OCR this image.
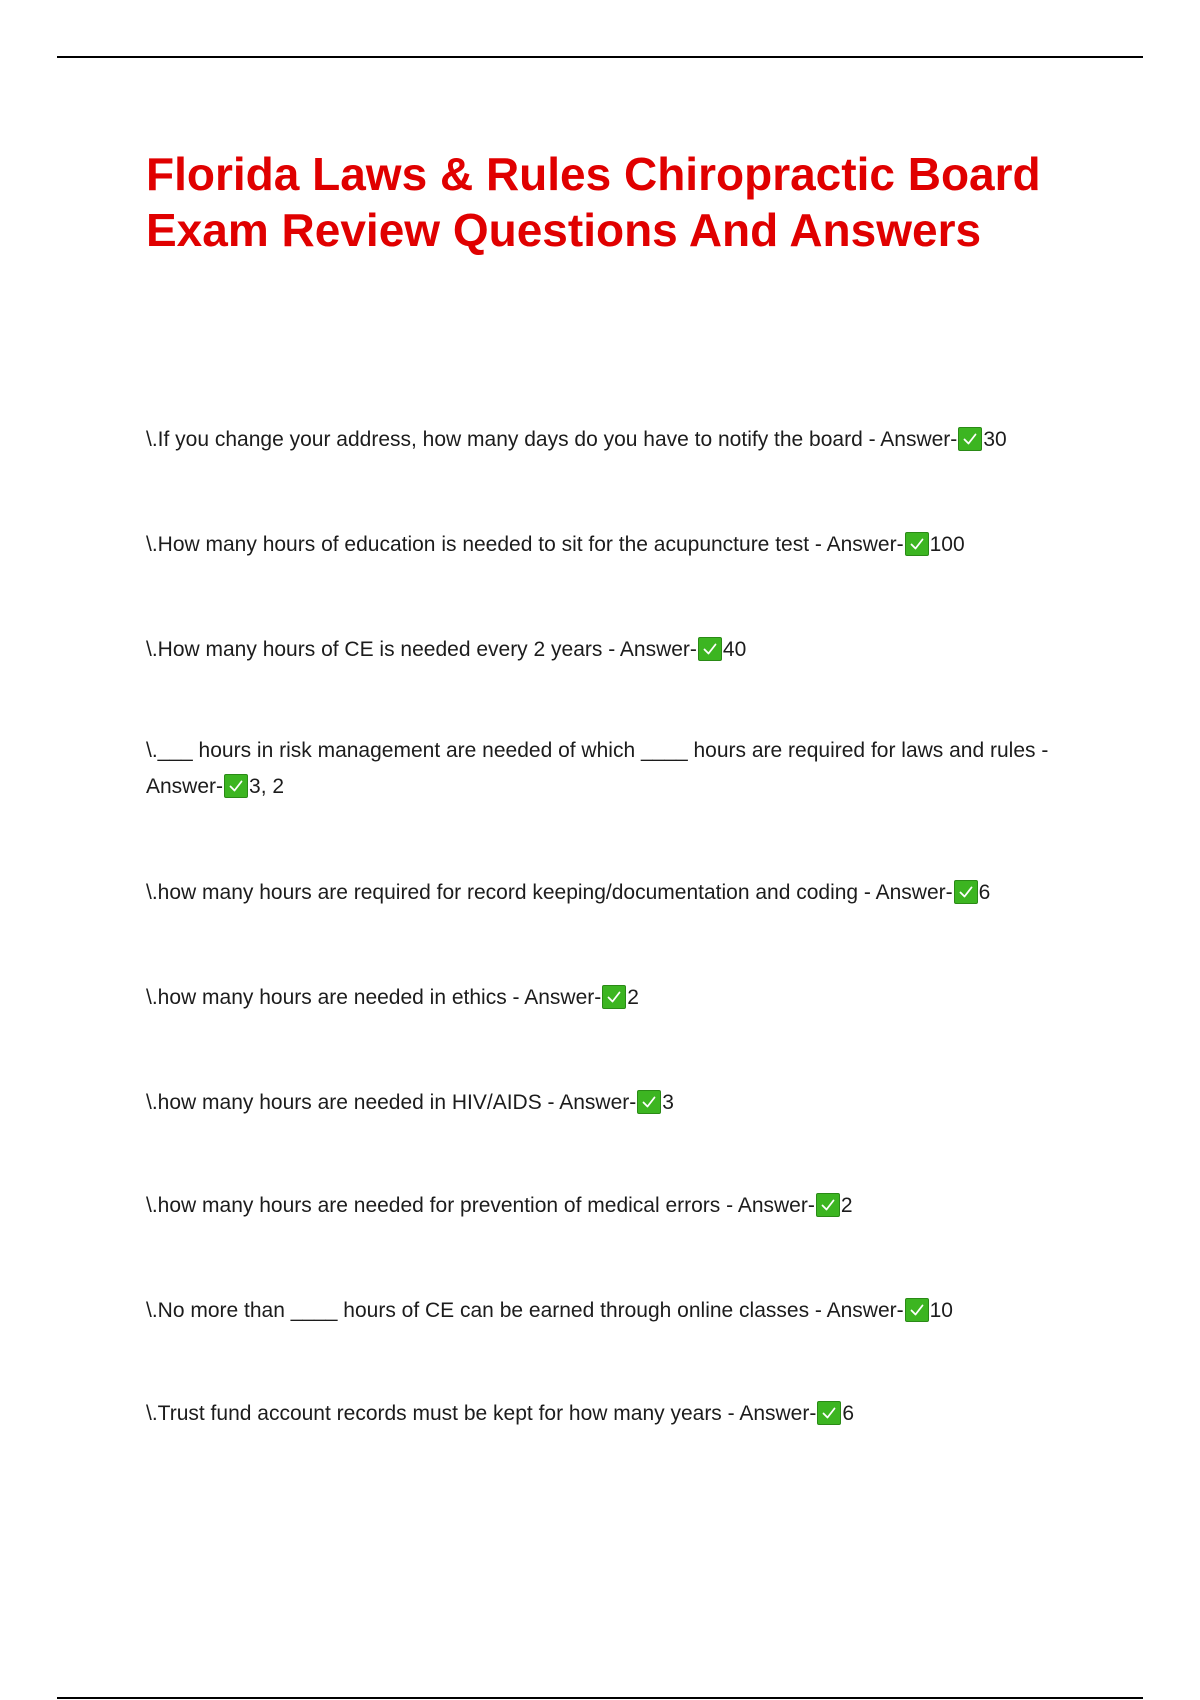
Florida Laws & Rules Chiropractic Board Exam Review Questions And Answers

\.If you change your address, how many days do you have to notify the board - Answer- 30

\.How many hours of education is needed to sit for the acupuncture test - Answer- 100

\.How many hours of CE is needed every 2 years - Answer- 40

\.___ hours in risk management are needed of which ____ hours are required for laws and rules - Answer- 3, 2

\.how many hours are required for record keeping/documentation and coding - Answer- 6

\.how many hours are needed in ethics - Answer- 2

\.how many hours are needed in HIV/AIDS - Answer- 3

\.how many hours are needed for prevention of medical errors - Answer- 2

\.No more than ____ hours of CE can be earned through online classes - Answer- 10

\.Trust fund account records must be kept for how many years - Answer- 6
